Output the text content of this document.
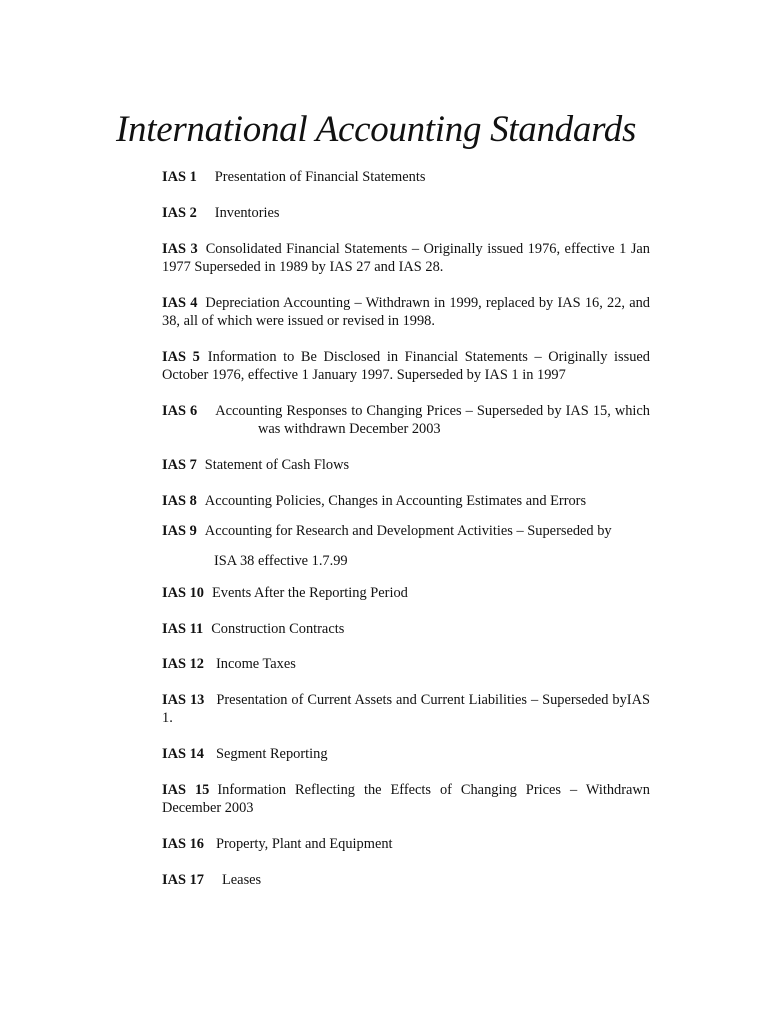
International Accounting Standards

IAS 1 Presentation of Financial Statements

IAS 2 Inventories

IAS 3 Consolidated Financial Statements – Originally issued 1976, effective 1 Jan 1977 Superseded in 1989 by IAS 27 and IAS 28.

IAS 4 Depreciation Accounting – Withdrawn in 1999, replaced by IAS 16, 22, and 38, all of which were issued or revised in 1998.

IAS 5 Information to Be Disclosed in Financial Statements – Originally issued October 1976, effective 1 January 1997. Superseded by IAS 1 in 1997

IAS 6 Accounting Responses to Changing Prices – Superseded by IAS 15, whichwas withdrawn December 2003

IAS 7 Statement of Cash Flows

IAS 8 Accounting Policies, Changes in Accounting Estimates and Errors

IAS 9 Accounting for Research and Development Activities – Superseded by

ISA 38 effective 1.7.99

IAS 10 Events After the Reporting Period

IAS 11 Construction Contracts

IAS 12 Income Taxes

IAS 13 Presentation of Current Assets and Current Liabilities – Superseded byIAS 1.

IAS 14 Segment Reporting

IAS 15 Information Reflecting the Effects of Changing Prices – Withdrawn December 2003

IAS 16 Property, Plant and Equipment

IAS 17 Leases
